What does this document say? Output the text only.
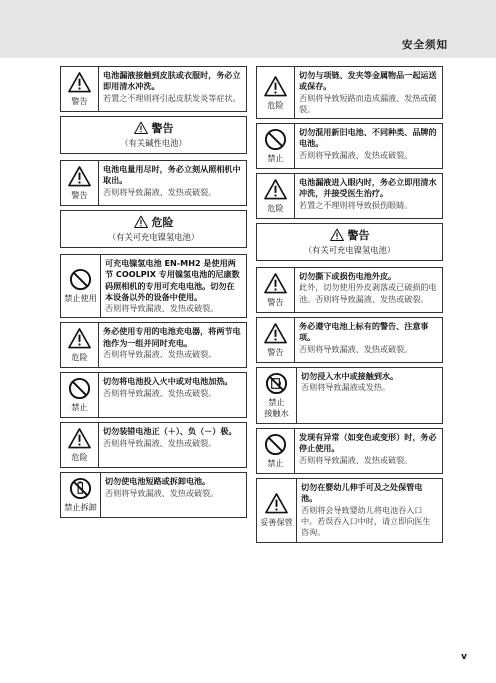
安全须知
警告
电池漏液接触到皮肤或衣服时，务必立即用清水冲洗。
若置之不理则将引起皮肤发炎等症状。
警告
（有关碱性电池）
警告
电池电量用尽时，务必立刻从照相机中取出。
否则将导致漏液、发热或破裂。
危险
（有关可充电镍氢电池）
禁止使用
可充电镍氢电池 EN-MH2 是使用两节 COOLPIX 专用镍氢电池的尼康数码照相机的专用可充电电池。切勿在本设备以外的设备中使用。
否则将导致漏液、发热或破裂。
危险
务必使用专用的电池充电器，将两节电池作为一组并同时充电。
否则将导致漏液、发热或破裂。
禁止
切勿将电池投入火中或对电池加热。
否则将导致漏液、发热或破裂。
危险
切勿装错电池正（＋）、负（－）极。
否则将导致漏液、发热或破裂。
禁止拆卸
切勿使电池短路或拆卸电池。
否则将导致漏液、发热或破裂。
危险
切勿与项链、发夹等金属物品一起运送或保存。
否则将导致短路而造成漏液、发热或破裂。
禁止
切勿混用新旧电池、不同种类、品牌的电池。
否则将导致漏液、发热或破裂。
危险
电池漏液进入眼内时，务必立即用清水冲洗，并接受医生治疗。
若置之不理则将导致损伤眼睛。
警告
（有关可充电镍氢电池）
警告
切勿撕下或损伤电池外皮。
此外，切勿使用外皮剥落或已破损的电池。否则将导致漏液、发热或破裂。
警告
务必遵守电池上标有的警告、注意事项。
否则将导致漏液、发热或破裂。
禁止
接触水
切勿浸入水中或接触到水。
否则将导致漏液或发热。
禁止
发现有异常（如变色或变形）时，务必停止使用。
否则将导致漏液、发热或破裂。
妥善保管
切勿在婴幼儿伸手可及之处保管电池。
否则将会导致婴幼儿将电池吞入口中。若误吞入口中时，请立即向医生咨询。
v
